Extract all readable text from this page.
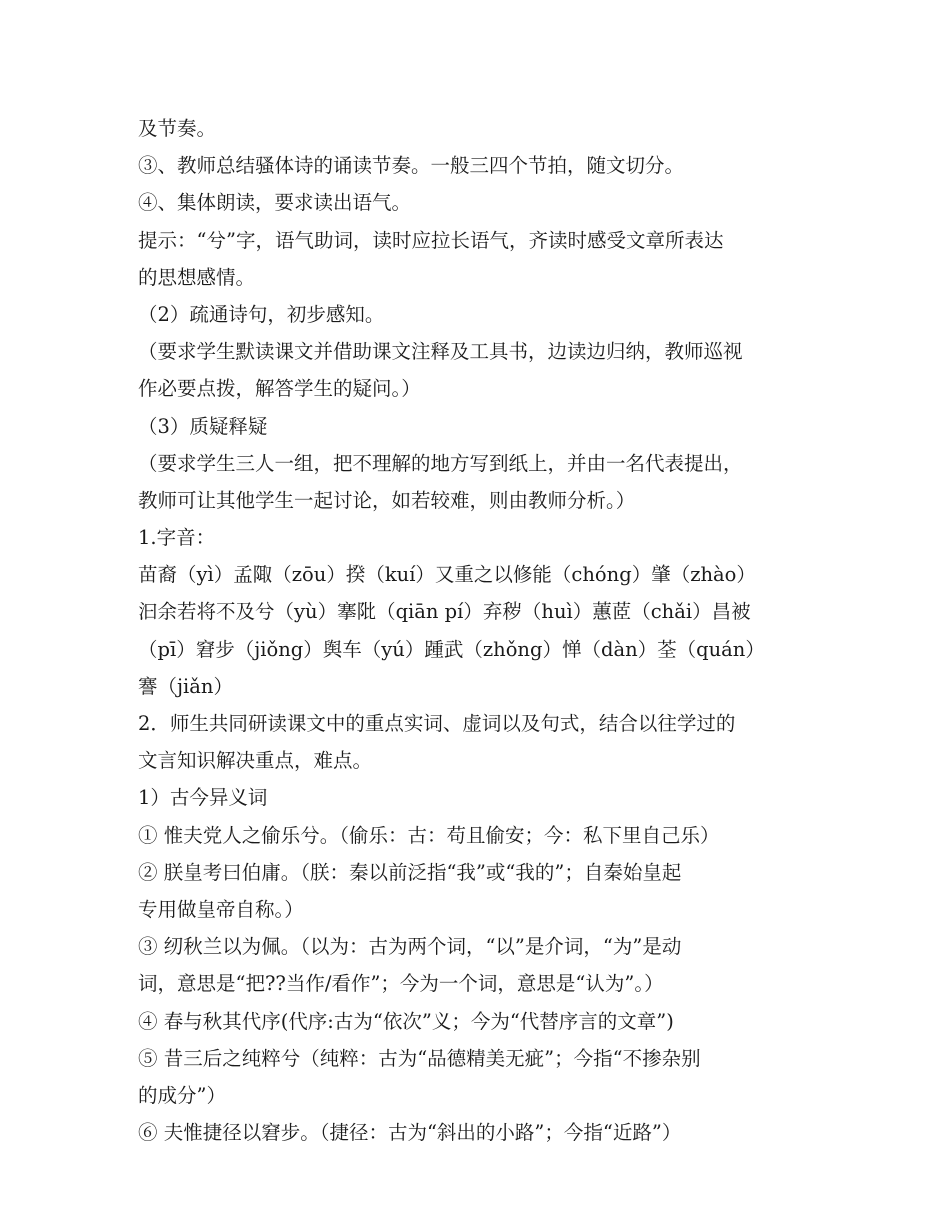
及节奏。
③、教师总结骚体诗的诵读节奏。一般三四个节拍，随文切分。
④、集体朗读，要求读出语气。
提示：“兮”字，语气助词，读时应拉长语气，齐读时感受文章所表达
的思想感情。
（2）疏通诗句，初步感知。
（要求学生默读课文并借助课文注释及工具书，边读边归纳，教师巡视
作必要点拨，解答学生的疑问。）
（3）质疑释疑
（要求学生三人一组，把不理解的地方写到纸上，并由一名代表提出，
教师可让其他学生一起讨论，如若较难，则由教师分析。）
1.字音：
苗裔（yì）孟陬（zōu）揆（kuí）又重之以修能（chóng）肇（zhào）
汩余若将不及兮（yù）搴阰（qiān pí）弃秽（huì）蕙茝（chǎi）昌被
（pī）窘步（jiǒng）舆车（yú）踵武（zhǒng）惮（dàn）荃（quán）
謇（jiǎn）
2．师生共同研读课文中的重点实词、虚词以及句式，结合以往学过的
文言知识解决重点，难点。
1）古今异义词
① 惟夫党人之偷乐兮。（偷乐：古：苟且偷安；今：私下里自己乐）
② 朕皇考曰伯庸。（朕：秦以前泛指“我”或“我的”；自秦始皇起
专用做皇帝自称。）
③ 纫秋兰以为佩。（以为：古为两个词，“以”是介词，“为”是动
词，意思是“把??当作/看作”；今为一个词，意思是“认为”。）
④ 春与秋其代序(代序:古为“依次”义；今为“代替序言的文章”)
⑤ 昔三后之纯粹兮（纯粹：古为“品德精美无疵”；今指“不掺杂别
的成分”）
⑥ 夫惟捷径以窘步。（捷径：古为“斜出的小路”；今指“近路”）
